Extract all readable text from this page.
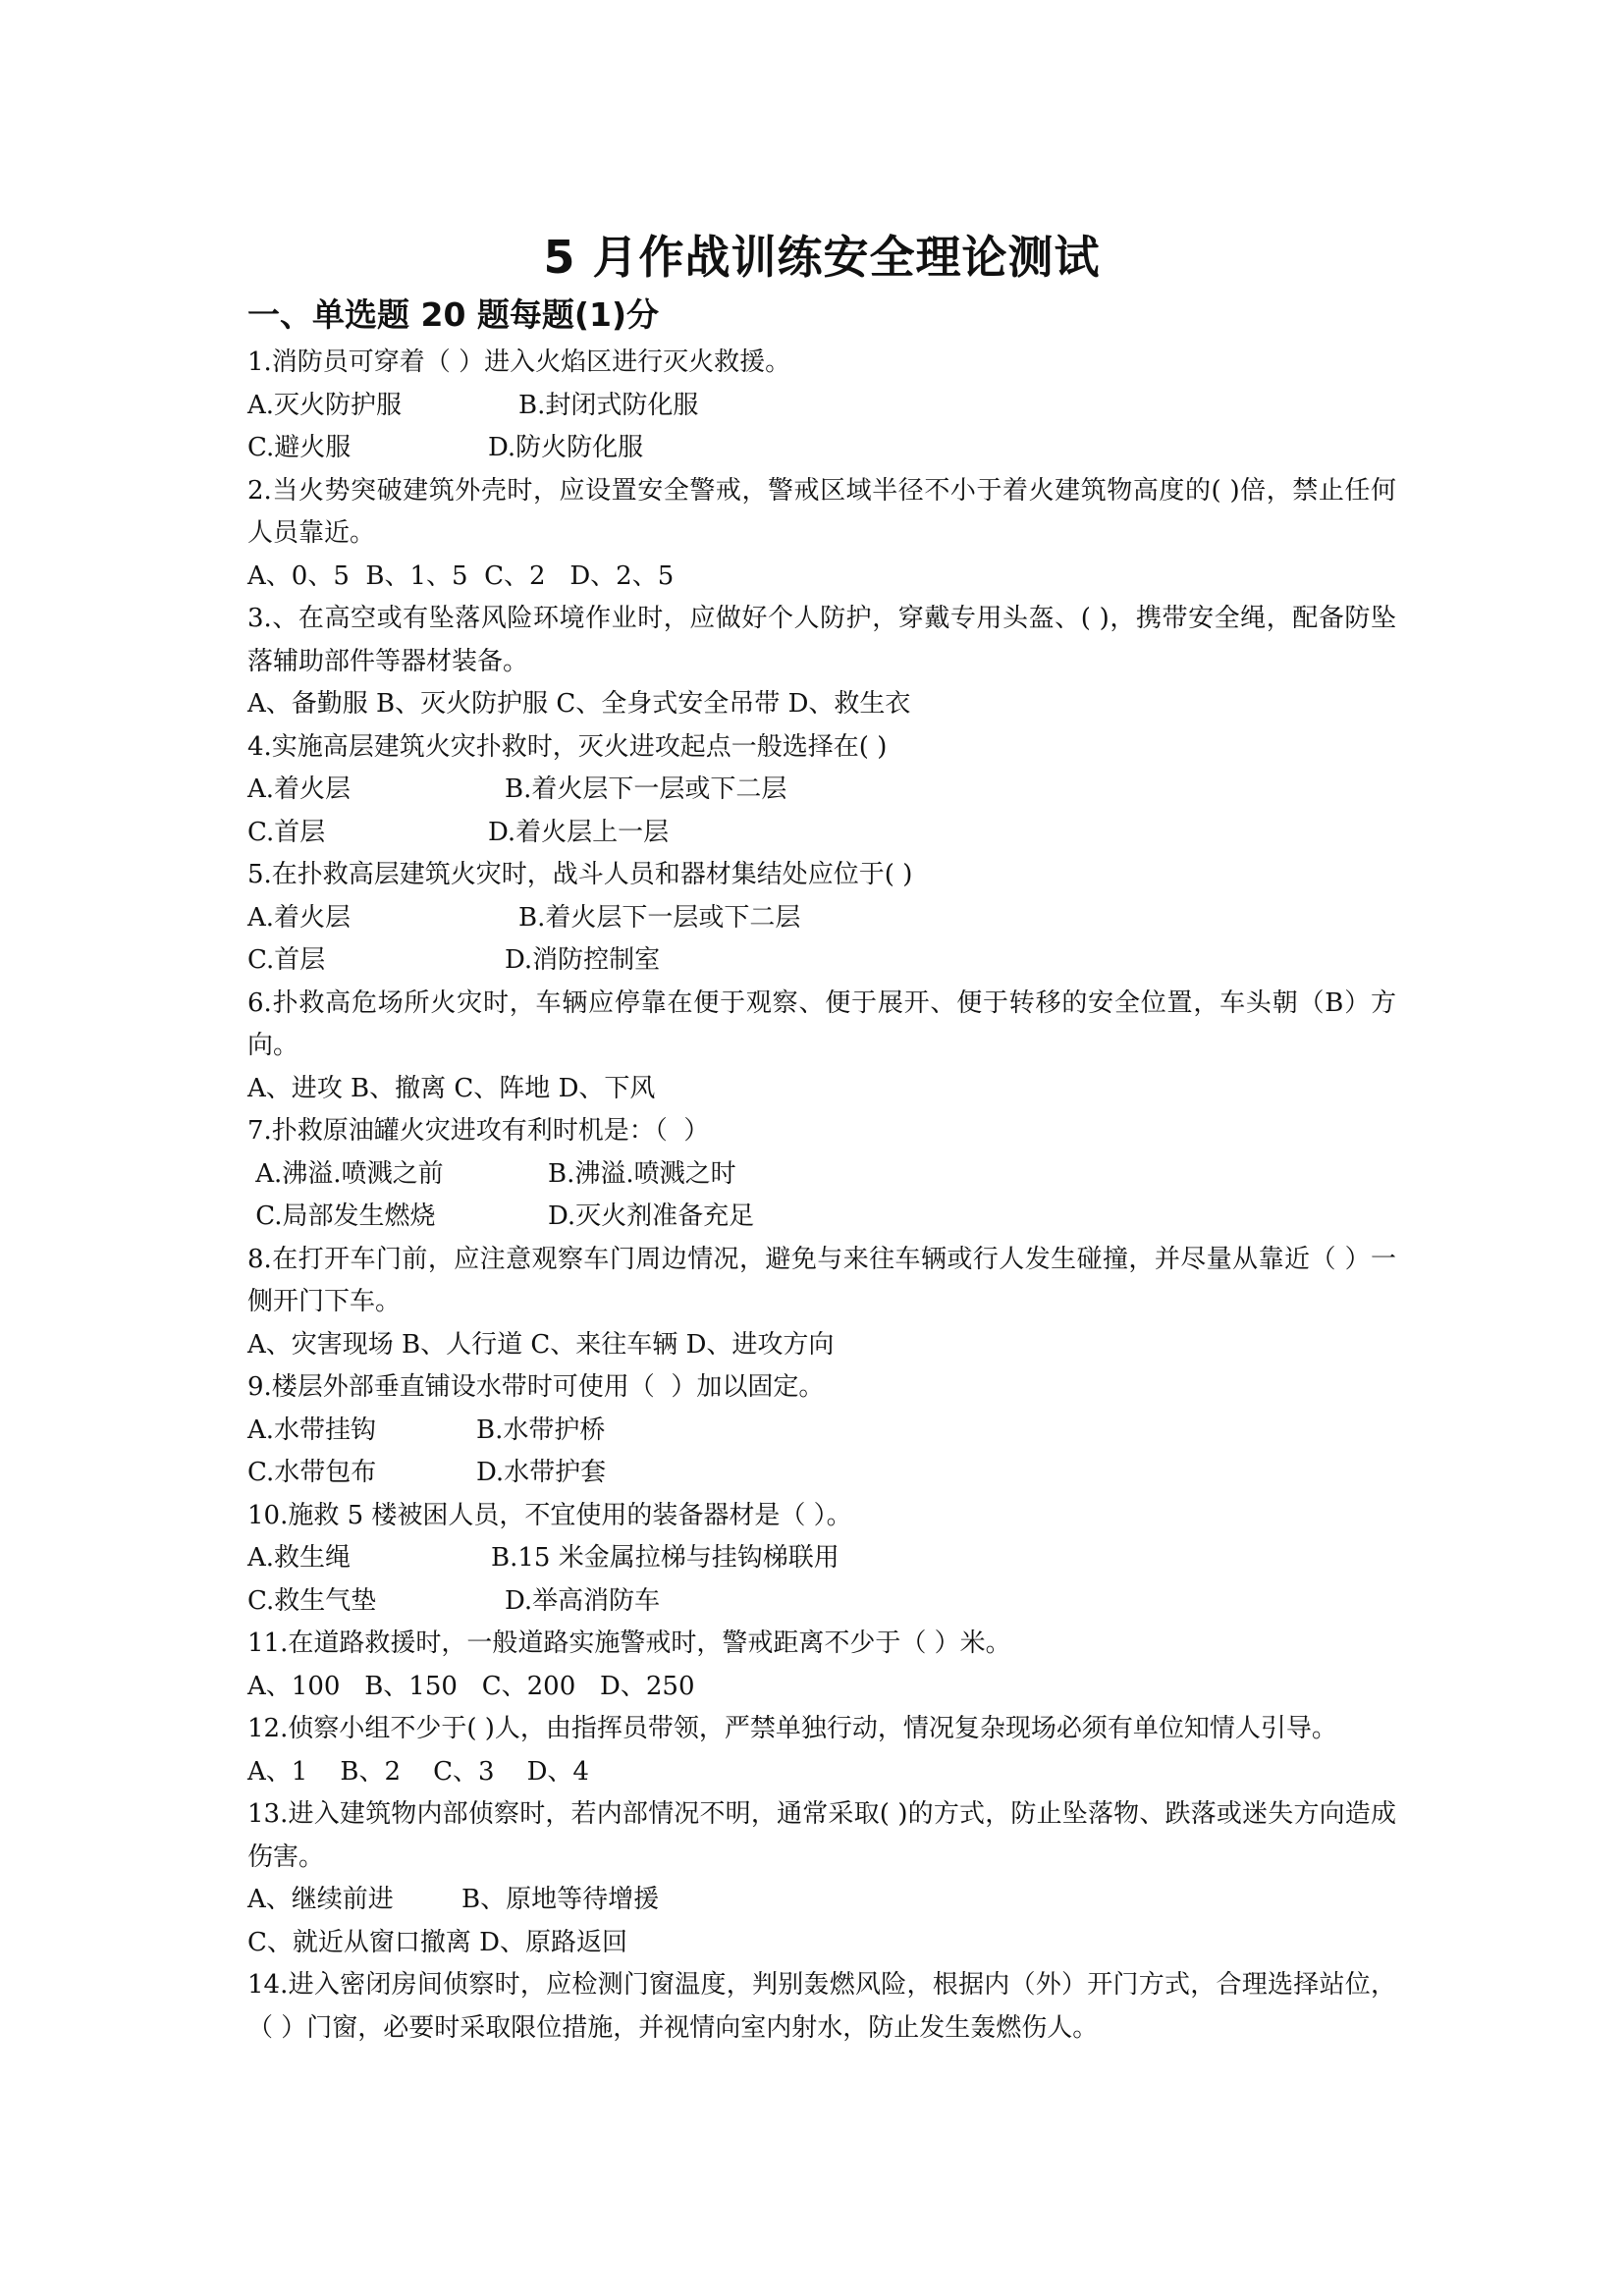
5 月作战训练安全理论测试
一、单选题 20 题每题(1)分

1.消防员可穿着（ ）进入火焰区进行灭火救援。

A.灭火防护服	B.封闭式防化服
C.避火服	D.防火防化服

2.当火势突破建筑外壳时，应设置安全警戒，警戒区域半径不小于着火建筑物高度的( )倍，禁止任何人员靠近。

A、0、5  B、1、5  C、2   D、2、5

3.、在高空或有坠落风险环境作业时，应做好个人防护，穿戴专用头盔、( )，携带安全绳，配备防坠落辅助部件等器材装备。

A、备勤服 B、灭火防护服 C、全身式安全吊带 D、救生衣

4.实施高层建筑火灾扑救时，灭火进攻起点一般选择在( )

A.着火层	B.着火层下一层或下二层
C.首层	D.着火层上一层

5.在扑救高层建筑火灾时，战斗人员和器材集结处应位于( )

A.着火层	B.着火层下一层或下二层
C.首层	D.消防控制室

6.扑救高危场所火灾时，车辆应停靠在便于观察、便于展开、便于转移的安全位置，车头朝（B）方向。

A、进攻 B、撤离 C、阵地 D、下风

7.扑救原油罐火灾进攻有利时机是：（  ）

A.沸溢.喷溅之前	B.沸溢.喷溅之时
C.局部发生燃烧	D.灭火剂准备充足

8.在打开车门前，应注意观察车门周边情况，避免与来往车辆或行人发生碰撞，并尽量从靠近（ ）一侧开门下车。

A、灾害现场 B、人行道 C、来往车辆 D、进攻方向

9.楼层外部垂直铺设水带时可使用（  ）加以固定。

A.水带挂钩	B.水带护桥
C.水带包布	D.水带护套

10.施救 5 楼被困人员，不宜使用的装备器材是（ ）。

A.救生绳	B.15 米金属拉梯与挂钩梯联用
C.救生气垫	D.举高消防车

11.在道路救援时，一般道路实施警戒时，警戒距离不少于（ ）米。

A、100   B、150   C、200   D、250

12.侦察小组不少于( )人，由指挥员带领，严禁单独行动，情况复杂现场必须有单位知情人引导。

A、1    B、2    C、3    D、4

13.进入建筑物内部侦察时，若内部情况不明，通常采取( )的方式，防止坠落物、跌落或迷失方向造成伤害。

A、继续前进	B、原地等待增援
C、就近从窗口撤离 D、原路返回

14.进入密闭房间侦察时，应检测门窗温度，判别轰燃风险，根据内（外）开门方式，合理选择站位，（ ）门窗，必要时采取限位措施，并视情向室内射水，防止发生轰燃伤人。
